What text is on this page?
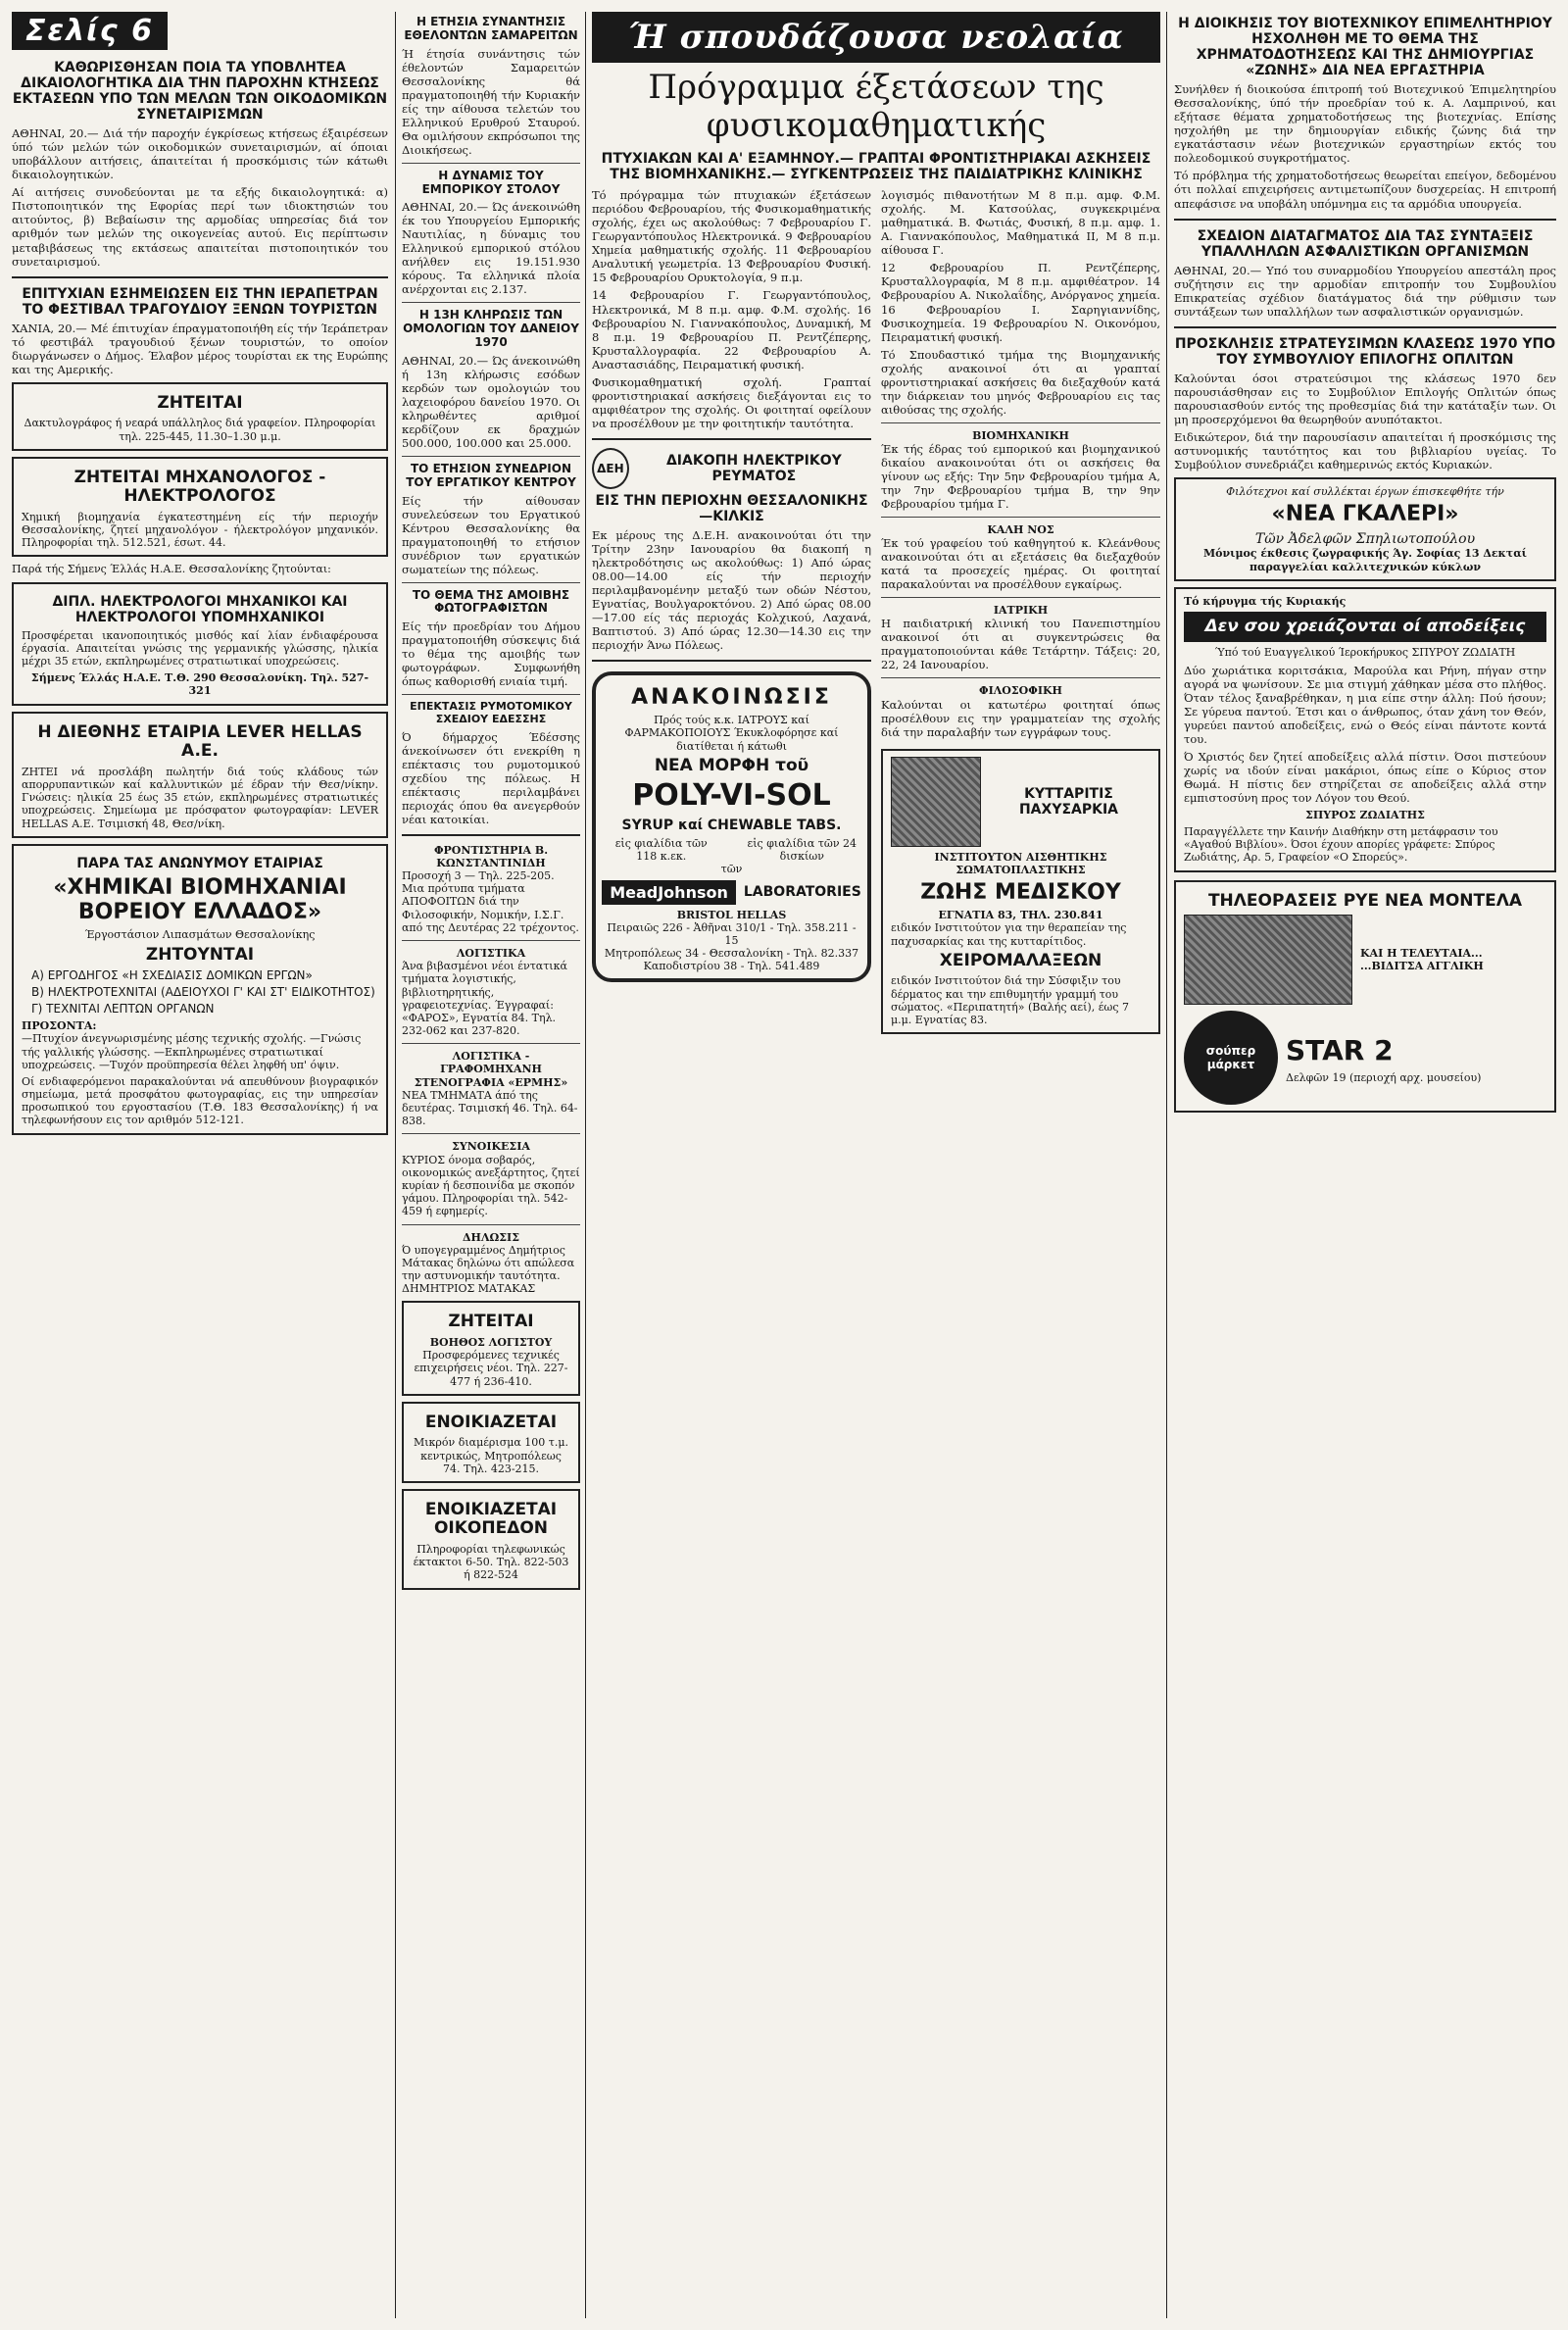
Σελίς 6
ΚΑΘΩΡΙΣΘΗΣΑΝ ΠΟΙΑ ΤΑ ΥΠΟΒΛΗΤΕΑ ΔΙΚΑΙΟΛΟΓΗΤΙΚΑ ΔΙΑ ΤΗΝ ΠΑΡΟΧΗΝ ΚΤΗΣΕΩΣ ΕΚΤΑΣΕΩΝ ΥΠΟ ΤΩΝ ΜΕΛΩΝ ΤΩΝ ΟΙΚΟΔΟΜΙΚΩΝ ΣΥΝΕΤΑΙΡΙΣΜΩΝ

ΑΘΗΝΑΙ, 20.— Διά τήν παροχήν έγκρίσεως κτήσεως έξαιρέσεων ύπό τών μελών τών οικοδομικών συνεταιρισμών, αί όποιαι υποβάλλουν αιτήσεις, άπαιτείται ή προσκόμισις τών κάτωθι δικαιολογητικών.

Αί αιτήσεις συνοδεύονται με τα εξής δικαιολογητικά: α) Πιστοποιητικόν της Εφορίας περί των ιδιοκτησιών του αιτούντος, β) Βεβαίωσιν της αρμοδίας υπηρεσίας διά τον αριθμόν των μελών της οικογενείας αυτού. Εις περίπτωσιν μεταβιβάσεως της εκτάσεως απαιτείται πιστοποιητικόν του συνεταιρισμού.

ΕΠΙΤΥΧΙΑΝ ΕΣΗΜΕΙΩΣΕΝ ΕΙΣ ΤΗΝ ΙΕΡΑΠΕΤΡΑΝ ΤΟ ΦΕΣΤΙΒΑΛ ΤΡΑΓΟΥΔΙΟΥ ΞΕΝΩΝ ΤΟΥΡΙΣΤΩΝ

ΧΑΝΙΑ, 20.— Μέ έπιτυχίαν έπραγματοποιήθη είς τήν Ίεράπετραν τό φεστιβάλ τραγουδιού ξένων τουριστών, το οποίον διωργάνωσεν ο Δήμος. Έλαβον μέρος τουρίσται εκ της Ευρώπης και της Αμερικής.

ΖΗΤΕΙΤΑΙ
Δακτυλογράφος ή νεαρά υπάλληλος διά γραφείον. Πληροφορίαι τηλ. 225-445, 11.30–1.30 μ.μ.
ΖΗΤΕΙΤΑΙ ΜΗΧΑΝΟΛΟΓΟΣ - ΗΛΕΚΤΡΟΛΟΓΟΣ
Χημική βιομηχανία έγκατεστημένη είς τήν περιοχήν Θεσσαλονίκης, ζητεί μηχανολόγον - ήλεκτρολόγον μηχανικόν. Πληροφορίαι τηλ. 512.521, έσωτ. 44.
Παρά τής Σήμενς Έλλάς Η.Α.Ε. Θεσσαλονίκης ζητούνται:
ΔΙΠΛ. ΗΛΕΚΤΡΟΛΟΓΟΙ ΜΗΧΑΝΙΚΟΙ ΚΑΙ ΗΛΕΚΤΡΟΛΟΓΟΙ ΥΠΟΜΗΧΑΝΙΚΟΙ
Προσφέρεται ικανοποιητικός μισθός καί λίαν ένδιαφέρουσα έργασία. Απαιτείται γνώσις της γερμανικής γλώσσης, ηλικία μέχρι 35 ετών, εκπληρωμένες στρατιωτικαί υποχρεώσεις.
Σήμενς Έλλάς Η.Α.Ε. Τ.Θ. 290 Θεσσαλονίκη. Τηλ. 527-321
Η ΔΙΕΘΝΗΣ ΕΤΑΙΡΙΑ LEVER HELLAS A.E.
ΖΗΤΕΙ νά προσλάβη πωλητήν διά τούς κλάδους τών απορρυπαντικών καί καλλυντικών μέ έδραν τήν Θεσ/νίκην. Γνώσεις: ηλικία 25 έως 35 ετών, εκπληρωμένες στρατιωτικές υποχρεώσεις. Σημείωμα με πρόσφατον φωτογραφίαν: LEVER HELLAS A.E. Τσιμισκή 48, Θεσ/νίκη.
ΠΑΡΑ ΤΑΣ ΑΝΩΝΥΜΟΥ ΕΤΑΙΡΙΑΣ
«ΧΗΜΙΚΑΙ ΒΙΟΜΗΧΑΝΙΑΙ ΒΟΡΕΙΟΥ ΕΛΛΑΔΟΣ»
Έργοστάσιον Λιπασμάτων Θεσσαλονίκης
ΖΗΤΟΥΝΤΑΙ
Α) ΕΡΓΟΔΗΓΟΣ «Η ΣΧΕΔΙΑΣΙΣ ΔΟΜΙΚΩΝ ΕΡΓΩΝ»
Β) ΗΛΕΚΤΡΟΤΕΧΝΙΤΑΙ (ΑΔΕΙΟΥΧΟΙ Γ' ΚΑΙ ΣΤ' ΕΙΔΙΚΟΤΗΤΟΣ)
Γ) ΤΕΧΝΙΤΑΙ ΛΕΠΤΩΝ ΟΡΓΑΝΩΝ
ΠΡΟΣΟΝΤΑ:
—Πτυχίον άνεγνωρισμένης μέσης τεχνικής σχολής. —Γνώσις τής γαλλικής γλώσσης. —Εκπληρωμένες στρατιωτικαί υποχρεώσεις. —Τυχόν προϋπηρεσία θέλει ληφθή υπ' όψιν.
Οί ενδιαφερόμενοι παρακαλούνται νά απευθύνουν βιογραφικόν σημείωμα, μετά προσφάτου φωτογραφίας, εις την υπηρεσίαν προσωπικού του εργοστασίου (Τ.Θ. 183 Θεσσαλονίκης) ή να τηλεφωνήσουν εις τον αριθμόν 512-121.
Η ΕΤΗΣΙΑ ΣΥΝΑΝΤΗΣΙΣ ΕΘΕΛΟΝΤΩΝ ΣΑΜΑΡΕΙΤΩΝ

Ή έτησία συνάντησις τών έθελοντών Σαμαρειτών Θεσσαλονίκης θά πραγματοποιηθή τήν Κυριακήν είς την αίθουσα τελετών του Ελληνικού Ερυθρού Σταυρού. Θα ομιλήσουν εκπρόσωποι της Διοικήσεως.

Η ΔΥΝΑΜΙΣ ΤΟΥ ΕΜΠΟΡΙΚΟΥ ΣΤΟΛΟΥ

ΑΘΗΝΑΙ, 20.— Ώς άνεκοινώθη έκ του Υπουργείου Εμπορικής Ναυτιλίας, η δύναμις του Ελληνικού εμπορικού στόλου ανήλθεν εις 19.151.930 κόρους. Τα ελληνικά πλοία ανέρχονται εις 2.137.

Η 13Η ΚΛΗΡΩΣΙΣ ΤΩΝ ΟΜΟΛΟΓΙΩΝ ΤΟΥ ΔΑΝΕΙΟΥ 1970

ΑΘΗΝΑΙ, 20.— Ώς άνεκοινώθη ή 13η κλήρωσις εσόδων κερδών των ομολογιών του λαχειοφόρου δανείου 1970. Οι κληρωθέντες αριθμοί κερδίζουν εκ δραχμών 500.000, 100.000 και 25.000.

ΤΟ ΕΤΗΣΙΟΝ ΣΥΝΕΔΡΙΟΝ ΤΟΥ ΕΡΓΑΤΙΚΟΥ ΚΕΝΤΡΟΥ

Είς τήν αίθουσαν συνελεύσεων του Εργατικού Κέντρου Θεσσαλονίκης θα πραγματοποιηθή το ετήσιον συνέδριον των εργατικών σωματείων της πόλεως.

ΤΟ ΘΕΜΑ ΤΗΣ ΑΜΟΙΒΗΣ ΦΩΤΟΓΡΑΦΙΣΤΩΝ

Είς τήν προεδρίαν του Δήμου πραγματοποιήθη σύσκεψις διά το θέμα της αμοιβής των φωτογράφων. Συμφωνήθη όπως καθορισθή ενιαία τιμή.

ΕΠΕΚΤΑΣΙΣ ΡΥΜΟΤΟΜΙΚΟΥ ΣΧΕΔΙΟΥ ΕΔΕΣΣΗΣ

Ό δήμαρχος Έδέσσης άνεκοίνωσεν ότι ενεκρίθη η επέκτασις του ρυμοτομικού σχεδίου της πόλεως. Η επέκτασις περιλαμβάνει περιοχάς όπου θα ανεγερθούν νέαι κατοικίαι.

ΦΡΟΝΤΙΣΤΗΡΙΑ Β. ΚΩΝΣΤΑΝΤΙΝΙΔΗ
Προσοχή 3 — Τηλ. 225-205. Μια πρότυπα τμήματα ΑΠΟΦΟΙΤΩΝ διά την Φιλοσοφικήν, Νομικήν, Ι.Σ.Γ. από της Δευτέρας 22 τρέχοντος.
ΛΟΓΙΣΤΙΚΑ
Άνα βιβασμένοι νέοι έντατικά τμήματα λογιστικής, βιβλιοτηρητικής, γραφειοτεχνίας. Έγγραφαί: «ΦΑΡΟΣ», Εγνατία 84. Τηλ. 232-062 και 237-820.
ΛΟΓΙΣΤΙΚΑ - ΓΡΑΦΟΜΗΧΑΝΗ ΣΤΕΝΟΓΡΑΦΙΑ «ΕΡΜΗΣ»
ΝΕΑ ΤΜΗΜΑΤΑ άπό της δευτέρας. Τσιμισκή 46. Τηλ. 64-838.
ΣΥΝΟΙΚΕΣΙΑ
ΚΥΡΙΟΣ όνομα σοβαρός, οικονομικώς ανεξάρτητος, ζητεί κυρίαν ή δεσποινίδα με σκοπόν γάμου. Πληροφορίαι τηλ. 542-459 ή εφημερίς.
ΔΗΛΩΣΙΣ
Ό υπογεγραμμένος Δημήτριος Μάτακας δηλώνω ότι απώλεσα την αστυνομικήν ταυτότητα. ΔΗΜΗΤΡΙΟΣ ΜΑΤΑΚΑΣ
ΖΗΤΕΙΤΑΙ
ΒΟΗΘΟΣ ΛΟΓΙΣΤΟΥ
Προσφερόμενες τεχνικές επιχειρήσεις νέοι. Τηλ. 227-477 ή 236-410.
ΕΝΟΙΚΙΑΖΕΤΑΙ
Μικρόν διαμέρισμα 100 τ.μ. κεντρικώς, Μητροπόλεως 74. Τηλ. 423-215.
ΕΝΟΙΚΙΑΖΕΤΑΙ ΟΙΚΟΠΕΔΟΝ
Πληροφορίαι τηλεφωνικώς έκτακτοι 6-50. Τηλ. 822-503 ή 822-524
Ή σπουδάζουσα νεολαία
Πρόγραμμα έξετάσεων της φυσικομαθηματικής
ΠΤΥΧΙΑΚΩΝ ΚΑΙ Α' ΕΞΑΜΗΝΟΥ.— ΓΡΑΠΤΑΙ ΦΡΟΝΤΙΣΤΗΡΙΑΚΑΙ ΑΣΚΗΣΕΙΣ ΤΗΣ ΒΙΟΜΗΧΑΝΙΚΗΣ.— ΣΥΓΚΕΝΤΡΩΣΕΙΣ ΤΗΣ ΠΑΙΔΙΑΤΡΙΚΗΣ ΚΛΙΝΙΚΗΣ

Τό πρόγραμμα τών πτυχιακών έξετάσεων περιόδου Φεβρουαρίου, τής Φυσικομαθηματικής σχολής, έχει ως ακολούθως: 7 Φεβρουαρίου Γ. Γεωργαντόπουλος Ηλεκτρονικά. 9 Φεβρουαρίου Χημεία μαθηματικής σχολής. 11 Φεβρουαρίου Αναλυτική γεωμετρία. 13 Φεβρουαρίου Φυσική. 15 Φεβρουαρίου Ορυκτολογία, 9 π.μ.

14 Φεβρουαρίου Γ. Γεωργαντόπουλος, Ηλεκτρονικά, Μ 8 π.μ. αμφ. Φ.Μ. σχολής. 16 Φεβρουαρίου Ν. Γιαννακόπουλος, Δυναμική, Μ 8 π.μ. 19 Φεβρουαρίου Π. Ρεντζέπερης, Κρυσταλλογραφία. 22 Φεβρουαρίου Α. Αναστασιάδης, Πειραματική φυσική.

Φυσικομαθηματική σχολή. Γραπταί φροντιστηριακαί ασκήσεις διεξάγονται εις το αμφιθέατρον της σχολής. Οι φοιτηταί οφείλουν να προσέλθουν με την φοιτητικήν ταυτότητα.

ΔΕΗ
ΔΙΑΚΟΠΗ ΗΛΕΚΤΡΙΚΟΥ ΡΕΥΜΑΤΟΣ
ΕΙΣ ΤΗΝ ΠΕΡΙΟΧΗΝ ΘΕΣΣΑΛΟΝΙΚΗΣ—ΚΙΛΚΙΣ

Εκ μέρους της Δ.Ε.Η. ανακοινούται ότι την Τρίτην 23ην Ιανουαρίου θα διακοπή η ηλεκτροδότησις ως ακολούθως: 1) Από ώρας 08.00—14.00 είς τήν περιοχήν περιλαμβανομένην μεταξύ των οδών Νέστου, Εγνατίας, Βουλγαροκτόνου. 2) Από ώρας 08.00—17.00 είς τάς περιοχάς Κολχικού, Λαχανά, Βαπτιστού. 3) Από ώρας 12.30—14.30 εις την περιοχήν Άνω Πόλεως.

ΑΝΑΚΟΙΝΩΣΙΣ
Πρός τούς κ.κ. ΙΑΤΡΟΥΣ καί ΦΑΡΜΑΚΟΠΟΙΟΥΣ Έκυκλοφόρησε καί διατίθεται ή κάτωθι
ΝΕΑ ΜΟΡΦΗ τοῦ
POLY-VI-SOL
SYRUP καί CHEWABLE TABS.
εἰς φιαλίδια τῶν 118 κ.εκ.
εἰς φιαλίδια τῶν 24 δισκίων
τῶν
MeadJohnson	LABORATORIES
BRISTOL HELLAS
Πειραιῶς 226 - Ἀθῆναι 310/1 - Τηλ. 358.211 - 15
Μητροπόλεως 34 - Θεσσαλονίκη - Τηλ. 82.337
Καποδιστρίου 38 - Τηλ. 541.489

λογισμός πιθανοτήτων Μ 8 π.μ. αμφ. Φ.Μ. σχολής. Μ. Κατσούλας, συγκεκριμένα μαθηματικά. Β. Φωτιάς, Φυσική, 8 π.μ. αμφ. 1. Α. Γιαννακόπουλος, Μαθηματικά ΙΙ, Μ 8 π.μ. αίθουσα Γ.

12 Φεβρουαρίου Π. Ρεντζέπερης, Κρυσταλλογραφία, Μ 8 π.μ. αμφιθέατρον. 14 Φεβρουαρίου Α. Νικολαΐδης, Ανόργανος χημεία. 16 Φεβρουαρίου Ι. Σαρηγιαννίδης, Φυσικοχημεία. 19 Φεβρουαρίου Ν. Οικονόμου, Πειραματική φυσική.

Τό Σπουδαστικό τμήμα της Βιομηχανικής σχολής ανακοινοί ότι αι γραπταί φροντιστηριακαί ασκήσεις θα διεξαχθούν κατά την διάρκειαν του μηνός Φεβρουαρίου εις τας αιθούσας της σχολής.

ΒΙΟΜΗΧΑΝΙΚΗ

Έκ τής έδρας τού εμπορικού και βιομηχανικού δικαίου ανακοινούται ότι οι ασκήσεις θα γίνουν ως εξής: Την 5ην Φεβρουαρίου τμήμα Α, την 7ην Φεβρουαρίου τμήμα Β, την 9ην Φεβρουαρίου τμήμα Γ.

ΚΑΛΗ ΝΟΣ

Έκ τού γραφείου τού καθηγητού κ. Κλεάνθους ανακοινούται ότι αι εξετάσεις θα διεξαχθούν κατά τα προσεχείς ημέρας. Οι φοιτηταί παρακαλούνται να προσέλθουν εγκαίρως.

ΙΑΤΡΙΚΗ

Η παιδιατρική κλινική του Πανεπιστημίου ανακοινοί ότι αι συγκεντρώσεις θα πραγματοποιούνται κάθε Τετάρτην. Τάξεις: 20, 22, 24 Ιανουαρίου.

ΦΙΛΟΣΟΦΙΚΗ

Καλούνται οι κατωτέρω φοιτηταί όπως προσέλθουν εις την γραμματείαν της σχολής διά την παραλαβήν των εγγράφων τους.

ΚΥΤΤΑΡΙΤΙΣ ΠΑΧΥΣΑΡΚΙΑ
ΙΝΣΤΙΤΟΥΤΟΝ ΑΙΣΘΗΤΙΚΗΣ ΣΩΜΑΤΟΠΛΑΣΤΙΚΗΣ
ΖΩΗΣ ΜΕΔΙΣΚΟΥ
ΕΓΝΑΤΙΑ 83, ΤΗΛ. 230.841
ειδικόν Ινστιτούτον για την θεραπείαν της παχυσαρκίας και της κυτταρίτιδος.
ΧΕΙΡΟΜΑΛΑΞΕΩΝ
ειδικόν Ινστιτούτον διά την Σύσφιξιν του δέρματος και την επιθυμητήν γραμμή του σώματος. «Περιπατητή» (Βαλής αεί), έως 7 μ.μ. Εγνατίας 83.
Η ΔΙΟΙΚΗΣΙΣ ΤΟΥ ΒΙΟΤΕΧΝΙΚΟΥ ΕΠΙΜΕΛΗΤΗΡΙΟΥ ΗΣΧΟΛΗΘΗ ΜΕ ΤΟ ΘΕΜΑ ΤΗΣ ΧΡΗΜΑΤΟΔΟΤΗΣΕΩΣ ΚΑΙ ΤΗΣ ΔΗΜΙΟΥΡΓΙΑΣ «ΖΩΝΗΣ» ΔΙΑ ΝΕΑ ΕΡΓΑΣΤΗΡΙΑ

Συνήλθεν ή διοικούσα έπιτροπή τού Βιοτεχνικού Έπιμελητηρίου Θεσσαλονίκης, ύπό τήν προεδρίαν τού κ. Α. Λαμπρινού, και εξήτασε θέματα χρηματοδοτήσεως της βιοτεχνίας. Επίσης ησχολήθη με την δημιουργίαν ειδικής ζώνης διά την εγκατάστασιν νέων βιοτεχνικών εργαστηρίων εκτός του πολεοδομικού συγκροτήματος.

Τό πρόβλημα τής χρηματοδοτήσεως θεωρείται επείγον, δεδομένου ότι πολλαί επιχειρήσεις αντιμετωπίζουν δυσχερείας. Η επιτροπή απεφάσισε να υποβάλη υπόμνημα εις τα αρμόδια υπουργεία.

ΣΧΕΔΙΟΝ ΔΙΑΤΑΓΜΑΤΟΣ ΔΙΑ ΤΑΣ ΣΥΝΤΑΞΕΙΣ ΥΠΑΛΛΗΛΩΝ ΑΣΦΑΛΙΣΤΙΚΩΝ ΟΡΓΑΝΙΣΜΩΝ

ΑΘΗΝΑΙ, 20.— Υπό του συναρμοδίου Υπουργείου απεστάλη προς συζήτησιν εις την αρμοδίαν επιτροπήν του Συμβουλίου Επικρατείας σχέδιον διατάγματος διά την ρύθμισιν των συντάξεων των υπαλλήλων των ασφαλιστικών οργανισμών.

ΠΡΟΣΚΛΗΣΙΣ ΣΤΡΑΤΕΥΣΙΜΩΝ ΚΛΑΣΕΩΣ 1970 ΥΠΟ ΤΟΥ ΣΥΜΒΟΥΛΙΟΥ ΕΠΙΛΟΓΗΣ ΟΠΛΙΤΩΝ

Καλούνται όσοι στρατεύσιμοι της κλάσεως 1970 δεν παρουσιάσθησαν εις το Συμβούλιον Επιλογής Οπλιτών όπως παρουσιασθούν εντός της προθεσμίας διά την κατάταξίν των. Οι μη προσερχόμενοι θα θεωρηθούν ανυπότακτοι.

Ειδικώτερον, διά την παρουσίασιν απαιτείται ή προσκόμισις της αστυνομικής ταυτότητος και του βιβλιαρίου υγείας. Το Συμβούλιον συνεδριάζει καθημερινώς εκτός Κυριακών.

Φιλότεχνοι καί συλλέκται έργων έπισκεφθήτε τήν
«ΝΕΑ ΓΚΑΛΕΡΙ»
Τῶν Ἀδελφῶν Σπηλιωτοπούλου
Μόνιμος έκθεσις ζωγραφικής Άγ. Σοφίας 13 Δεκταί παραγγελίαι καλλιτεχνικών κύκλων
Τό κήρυγμα τής Κυριακής
Δεν σου χρειάζονται οί αποδείξεις
Ύπό τού Ευαγγελικού Ίεροκήρυκος ΣΠΥΡΟΥ ΖΩΔΙΑΤΗ

Δύο χωριάτικα κοριτσάκια, Μαρούλα και Ρήνη, πήγαν στην αγορά να ψωνίσουν. Σε μια στιγμή χάθηκαν μέσα στο πλήθος. Όταν τέλος ξαναβρέθηκαν, η μια είπε στην άλλη: Πού ήσουν; Σε γύρευα παντού. Έτσι και ο άνθρωπος, όταν χάνη τον Θεόν, γυρεύει παντού αποδείξεις, ενώ ο Θεός είναι πάντοτε κοντά του.

Ό Χριστός δεν ζητεί αποδείξεις αλλά πίστιν. Όσοι πιστεύουν χωρίς να ιδούν είναι μακάριοι, όπως είπε ο Κύριος στον Θωμά. Η πίστις δεν στηρίζεται σε αποδείξεις αλλά στην εμπιστοσύνη προς τον Λόγον του Θεού.

ΣΠΥΡΟΣ ΖΩΔΙΑΤΗΣ
Παραγγέλλετε την Καινήν Διαθήκην στη μετάφρασιν του «Αγαθού Βιβλίου». Όσοι έχουν απορίες γράφετε: Σπύρος Ζωδιάτης, Αρ. 5, Γραφείον «Ο Σπορεύς».
ΤΗΛΕΟΡΑΣΕΙΣ ΡΥΕ ΝΕΑ ΜΟΝΤΕΛΑ
ΚΑΙ Η ΤΕΛΕΥΤΑΙΑ... ...ΒΙΔΙΤΣΑ ΑΓΓΛΙΚΗ
σούπερ
μάρκετ STAR 2
Δελφῶν 19 (περιοχή αρχ. μουσείου)
